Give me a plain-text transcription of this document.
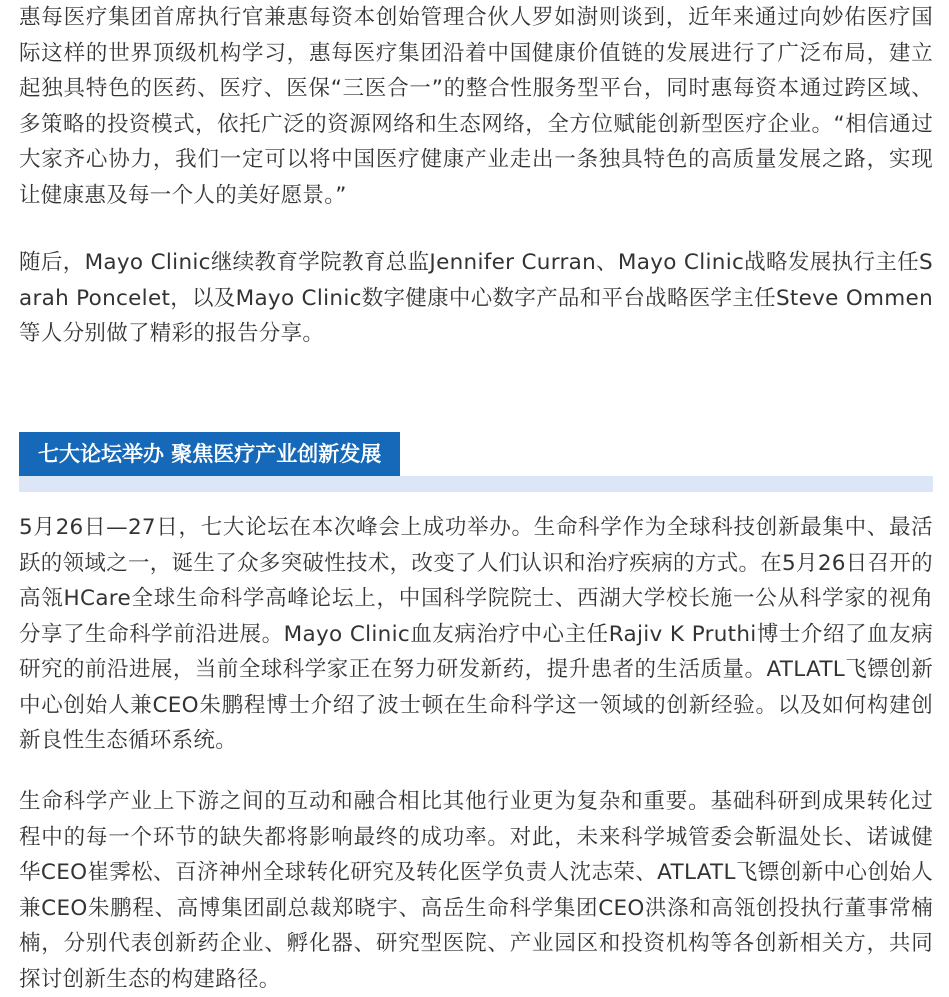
惠每医疗集团首席执行官兼惠每资本创始管理合伙人罗如澍则谈到，近年来通过向妙佑医疗国际这样的世界顶级机构学习，惠每医疗集团沿着中国健康价值链的发展进行了广泛布局，建立起独具特色的医药、医疗、医保“三医合一”的整合性服务型平台，同时惠每资本通过跨区域、多策略的投资模式，依托广泛的资源网络和生态网络，全方位赋能创新型医疗企业。“相信通过大家齐心协力，我们一定可以将中国医疗健康产业走出一条独具特色的高质量发展之路，实现让健康惠及每一个人的美好愿景。”

随后，Mayo Clinic继续教育学院教育总监Jennifer Curran、Mayo Clinic战略发展执行主任Sarah Poncelet，以及Mayo Clinic数字健康中心数字产品和平台战略医学主任Steve Ommen等人分别做了精彩的报告分享。

七大论坛举办 聚焦医疗产业创新发展

5月26日—27日，七大论坛在本次峰会上成功举办。生命科学作为全球科技创新最集中、最活跃的领域之一，诞生了众多突破性技术，改变了人们认识和治疗疾病的方式。在5月26日召开的高瓴HCare全球生命科学高峰论坛上，中国科学院院士、西湖大学校长施一公从科学家的视角分享了生命科学前沿进展。Mayo Clinic血友病治疗中心主任Rajiv K Pruthi博士介绍了血友病研究的前沿进展，当前全球科学家正在努力研发新药，提升患者的生活质量。ATLATL飞镖创新中心创始人兼CEO朱鹏程博士介绍了波士顿在生命科学这一领域的创新经验。以及如何构建创新良性生态循环系统。

生命科学产业上下游之间的互动和融合相比其他行业更为复杂和重要。基础科研到成果转化过程中的每一个环节的缺失都将影响最终的成功率。对此，未来科学城管委会靳温处长、诺诚健华CEO崔霁松、百济神州全球转化研究及转化医学负责人沈志荣、ATLATL飞镖创新中心创始人兼CEO朱鹏程、高博集团副总裁郑晓宇、高岳生命科学集团CEO洪涤和高瓴创投执行董事常楠楠，分别代表创新药企业、孵化器、研究型医院、产业园区和投资机构等各创新相关方，共同探讨创新生态的构建路径。
